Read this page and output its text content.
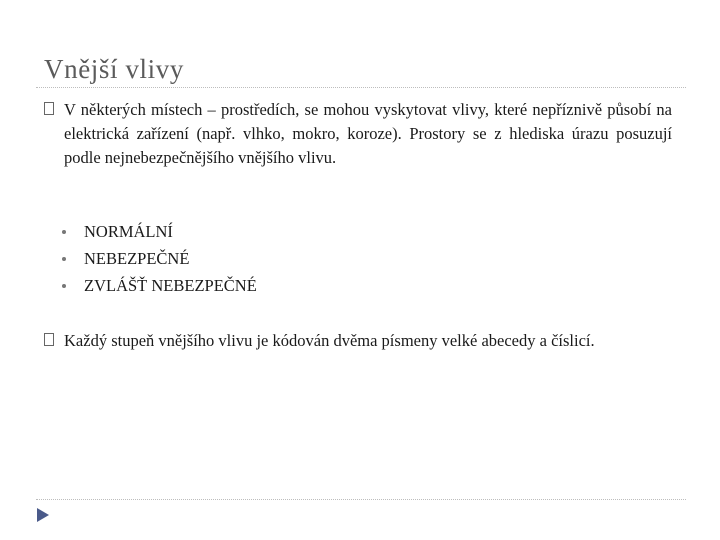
Vnější vlivy
V některých místech – prostředích, se mohou vyskytovat vlivy, které nepříznivě působí na elektrická zařízení (např. vlhko, mokro, koroze). Prostory se z hlediska úrazu posuzují podle nejnebezpečnějšího vnějšího vlivu.
NORMÁLNÍ
NEBEZPEČNÉ
ZVLÁŠŤ NEBEZPEČNÉ
Každý stupeň vnějšího vlivu je kódován dvěma písmeny velké abecedy a číslicí.
